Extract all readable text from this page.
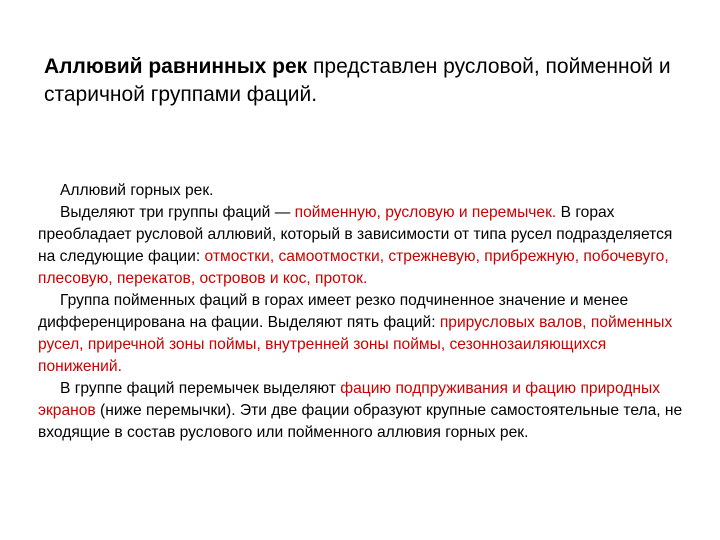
Аллювий равнинных рек представлен русловой, пойменной и старичной группами фаций.

Аллювий горных рек.

Выделяют три группы фаций — пойменную, русловую и перемычек. В горах преобладает русловой аллювий, который в зависимости от типа русел подразделяется на следующие фации: отмостки, самоотмостки, стрежневую, прибрежную, побочевуго, плесовую, перекатов, островов и кос, проток.

Группа пойменных фаций в горах имеет резко подчиненное значение и менее дифференцирована на фации. Выделяют пять фаций: прирусловых валов, пойменных русел, приречной зоны поймы, внутренней зоны поймы, сезоннозаиляющихся понижений.

В группе фаций перемычек выделяют фацию подпруживания и фацию природных экранов (ниже перемычки). Эти две фации образуют крупные самостоятельные тела, не входящие в состав руслового или пойменного аллювия горных рек.
